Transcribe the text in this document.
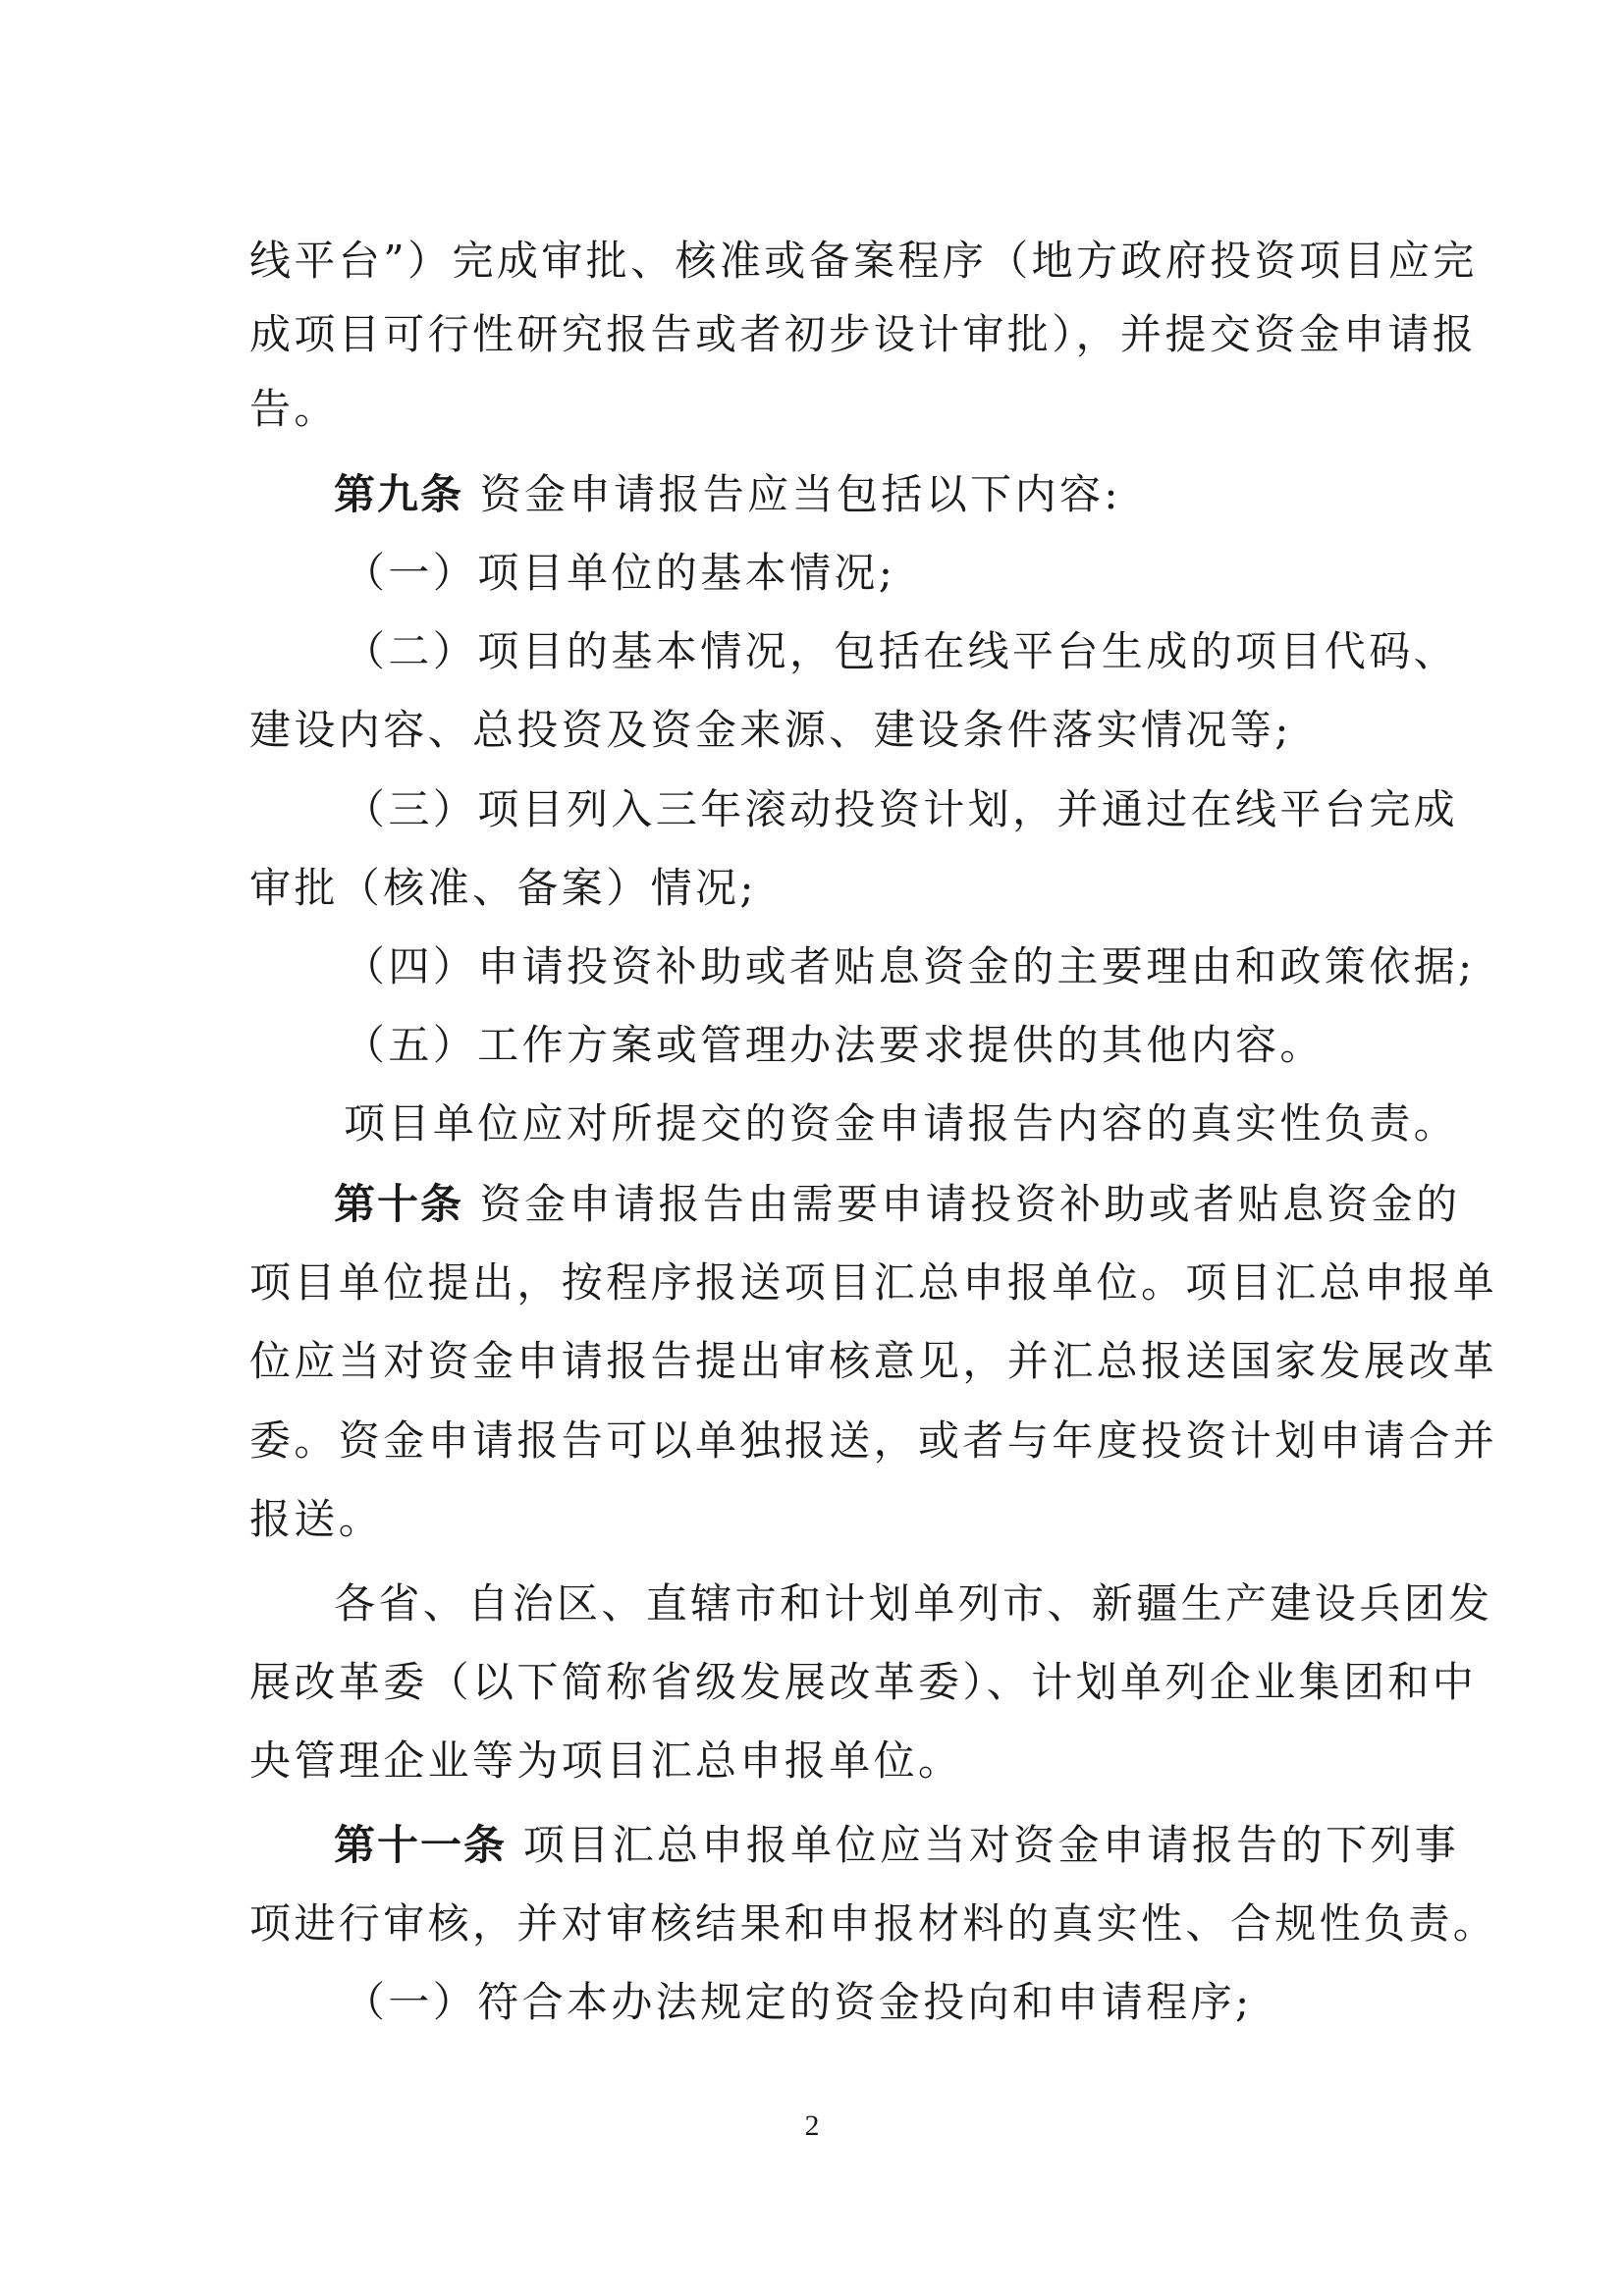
线平台”）完成审批、核准或备案程序（地方政府投资项目应完
成项目可行性研究报告或者初步设计审批），并提交资金申请报
告。
第九条 资金申请报告应当包括以下内容:
（一）项目单位的基本情况;
（二）项目的基本情况，包括在线平台生成的项目代码、
建设内容、总投资及资金来源、建设条件落实情况等;
（三）项目列入三年滚动投资计划，并通过在线平台完成
审批（核准、备案）情况;
（四）申请投资补助或者贴息资金的主要理由和政策依据;
（五）工作方案或管理办法要求提供的其他内容。
项目单位应对所提交的资金申请报告内容的真实性负责。
第十条 资金申请报告由需要申请投资补助或者贴息资金的
项目单位提出，按程序报送项目汇总申报单位。项目汇总申报单
位应当对资金申请报告提出审核意见，并汇总报送国家发展改革
委。资金申请报告可以单独报送，或者与年度投资计划申请合并
报送。
各省、自治区、直辖市和计划单列市、新疆生产建设兵团发
展改革委（以下简称省级发展改革委）、计划单列企业集团和中
央管理企业等为项目汇总申报单位。
第十一条 项目汇总申报单位应当对资金申请报告的下列事
项进行审核，并对审核结果和申报材料的真实性、合规性负责。
（一）符合本办法规定的资金投向和申请程序;
2
